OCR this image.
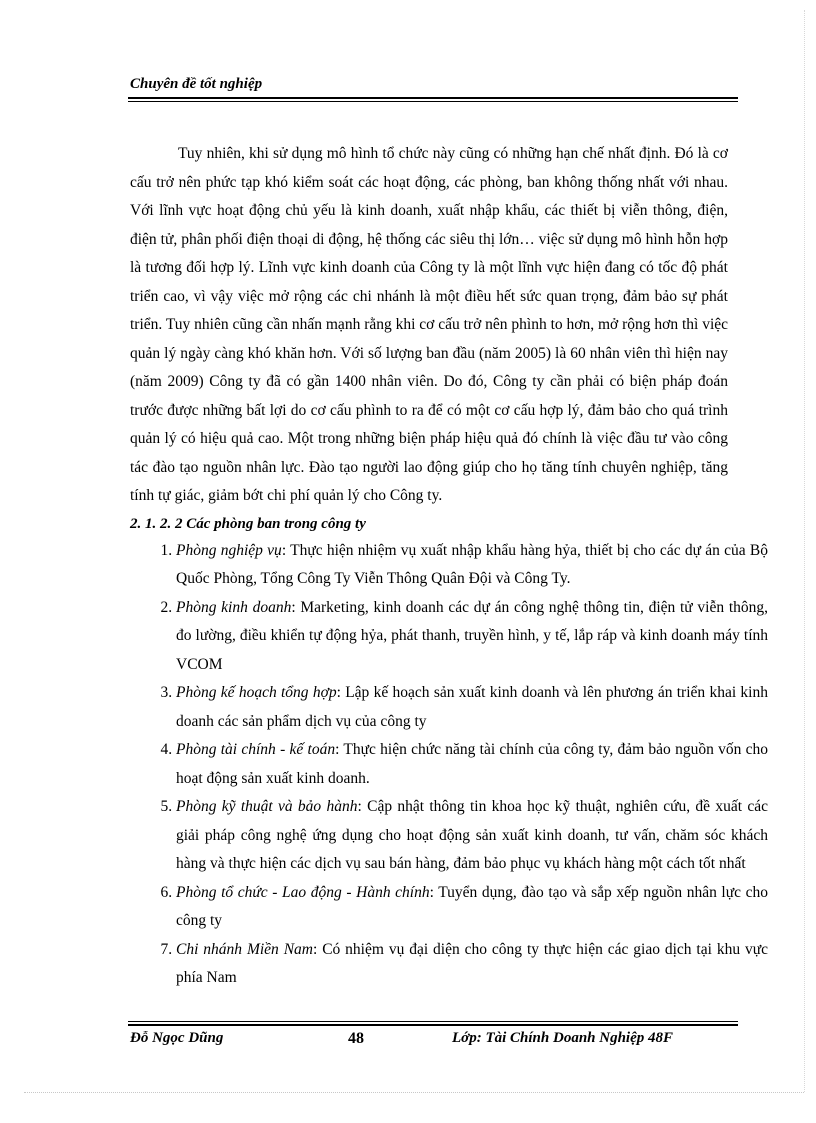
Chuyên đề tốt nghiệp

Tuy nhiên, khi sử dụng mô hình tổ chức này cũng có những hạn chế nhất định. Đó là cơ cấu trở nên phức tạp khó kiểm soát các hoạt động, các phòng, ban không thống nhất với nhau. Với lĩnh vực hoạt động chủ yếu là kinh doanh, xuất nhập khẩu, các thiết bị viễn thông, điện, điện tử, phân phối điện thoại di động, hệ thống các siêu thị lớn… việc sử dụng mô hình hỗn hợp là tương đối hợp lý. Lĩnh vực kinh doanh của Công ty là một lĩnh vực hiện đang có tốc độ phát triển cao, vì vậy việc mở rộng các chi nhánh là một điều hết sức quan trọng, đảm bảo sự phát triển. Tuy nhiên cũng cần nhấn mạnh rằng khi cơ cấu trở nên phình to hơn, mở rộng hơn thì việc quản lý ngày càng khó khăn hơn. Với số lượng ban đầu (năm 2005) là 60 nhân viên thì hiện nay (năm 2009) Công ty đã có gần 1400 nhân viên. Do đó, Công ty cần phải có biện pháp đoán trước được những bất lợi do cơ cấu phình to ra để có một cơ cấu hợp lý, đảm bảo cho quá trình quản lý có hiệu quả cao. Một trong những biện pháp hiệu quả đó chính là việc đầu tư vào công tác đào tạo nguồn nhân lực. Đào tạo người lao động giúp cho họ tăng tính chuyên nghiệp, tăng tính tự giác, giảm bớt chi phí quản lý cho Công ty.

2. 1. 2. 2 Các phòng ban trong công ty

1. Phòng nghiệp vụ: Thực hiện nhiệm vụ xuất nhập khẩu hàng hỷa, thiết bị cho các dự án của Bộ Quốc Phòng, Tổng Công Ty Viễn Thông Quân Đội và Công Ty.
2. Phòng kinh doanh: Marketing, kinh doanh các dự án công nghệ thông tin, điện tử viễn thông, đo lường, điều khiển tự động hỷa, phát thanh, truyền hình, y tế, lắp ráp và kinh doanh máy tính VCOM
3. Phòng kế hoạch tổng hợp: Lập kế hoạch sản xuất kinh doanh và lên phương án triển khai kinh doanh các sản phẩm dịch vụ của công ty
4. Phòng tài chính - kế toán: Thực hiện chức năng tài chính của công ty, đảm bảo nguồn vốn cho hoạt động sản xuất kinh doanh.
5. Phòng kỹ thuật và bảo hành: Cập nhật thông tin khoa học kỹ thuật, nghiên cứu, đề xuất các giải pháp công nghệ ứng dụng cho hoạt động sản xuất kinh doanh, tư vấn, chăm sóc khách hàng và thực hiện các dịch vụ sau bán hàng, đảm bảo phục vụ khách hàng một cách tốt nhất
6. Phòng tổ chức - Lao động - Hành chính: Tuyển dụng, đào tạo và sắp xếp nguồn nhân lực cho công ty
7. Chi nhánh Miền Nam: Có nhiệm vụ đại diện cho công ty thực hiện các giao dịch tại khu vực phía Nam
Đỗ Ngọc Dũng	48	Lớp: Tài Chính Doanh Nghiệp 48F
